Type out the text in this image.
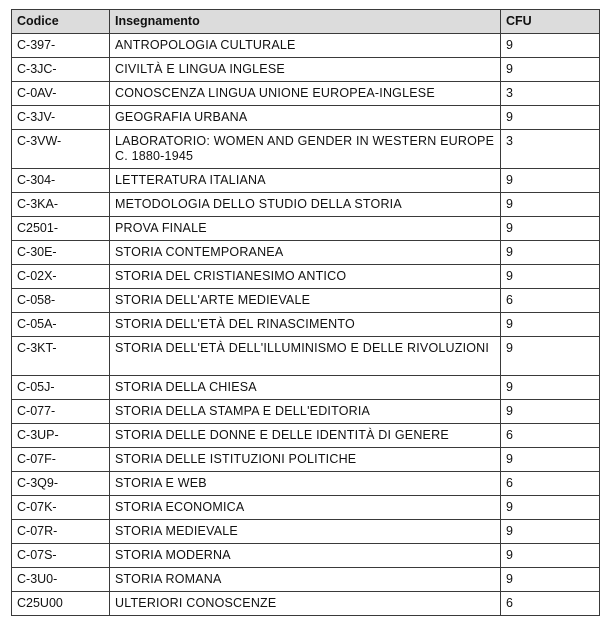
Codice	Insegnamento	CFU
C-397-	ANTROPOLOGIA CULTURALE	9
C-3JC-	CIVILTÀ E LINGUA INGLESE	9
C-0AV-	CONOSCENZA LINGUA UNIONE EUROPEA-INGLESE	3
C-3JV-	GEOGRAFIA URBANA	9
C-3VW-	LABORATORIO: WOMEN AND GENDER IN WESTERN EUROPE C. 1880-1945	3
C-304-	LETTERATURA ITALIANA	9
C-3KA-	METODOLOGIA DELLO STUDIO DELLA STORIA	9
C2501-	PROVA FINALE	9
C-30E-	STORIA CONTEMPORANEA	9
C-02X-	STORIA DEL CRISTIANESIMO ANTICO	9
C-058-	STORIA DELL'ARTE MEDIEVALE	6
C-05A-	STORIA DELL'ETÀ DEL RINASCIMENTO	9
C-3KT-	STORIA DELL'ETÀ DELL'ILLUMINISMO E DELLE RIVOLUZIONI	9
C-05J-	STORIA DELLA CHIESA	9
C-077-	STORIA DELLA STAMPA E DELL'EDITORIA	9
C-3UP-	STORIA DELLE DONNE E DELLE IDENTITÀ DI GENERE	6
C-07F-	STORIA DELLE ISTITUZIONI POLITICHE	9
C-3Q9-	STORIA E WEB	6
C-07K-	STORIA ECONOMICA	9
C-07R-	STORIA MEDIEVALE	9
C-07S-	STORIA MODERNA	9
C-3U0-	STORIA ROMANA	9
C25U00	ULTERIORI CONOSCENZE	6
